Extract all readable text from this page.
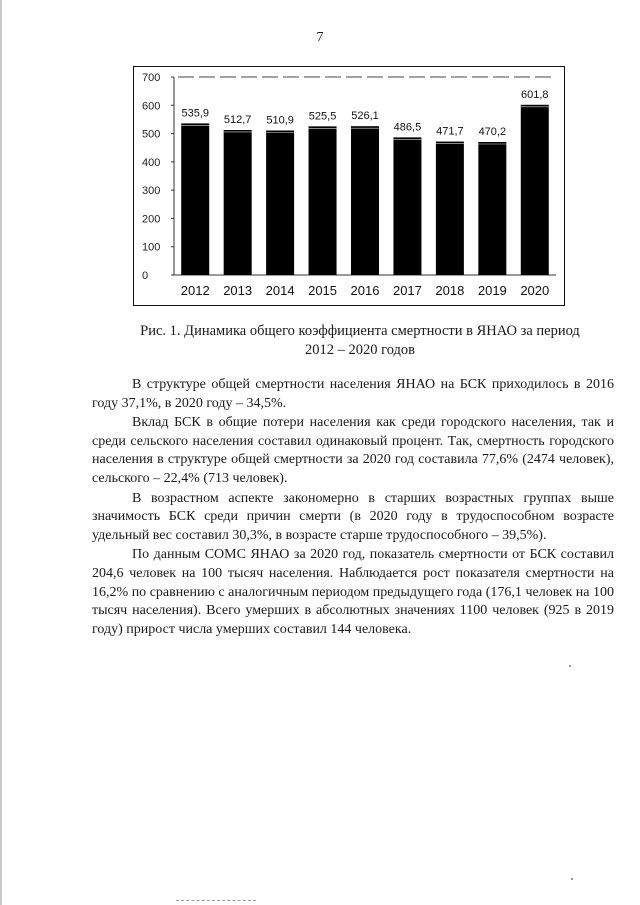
7
0
100
200
300
400
500
600
700
535,9
2012
512,7
2013
510,9
2014
525,5
2015
526,1
2016
486,5
2017
471,7
2018
470,2
2019
601,8
2020
Рис. 1. Динамика общего коэффициента смертности в ЯНАО за период
2012 – 2020 годов

В структуре общей смертности населения ЯНАО на БСК приходилось в 2016 году 37,1%, в 2020 году – 34,5%.

Вклад БСК в общие потери населения как среди городского населения, так и среди сельского населения составил одинаковый процент. Так, смертность городского населения в структуре общей смертности за 2020 год составила 77,6% (2474 человек), сельского – 22,4% (713 человек).

В возрастном аспекте закономерно в старших возрастных группах выше значимость БСК среди причин смерти (в 2020 году в трудоспособном возрасте удельный вес составил 30,3%, в возрасте старше трудоспособного – 39,5%).

По данным СОМС ЯНАО за 2020 год, показатель смертности от БСК составил 204,6 человек на 100 тысяч населения. Наблюдается рост показателя смертности на 16,2% по сравнению с аналогичным периодом предыдущего года (176,1 человек на 100 тысяч населения). Всего умерших в абсолютных значениях 1100 человек (925 в 2019 году) прирост числа умерших составил 144 человека.
